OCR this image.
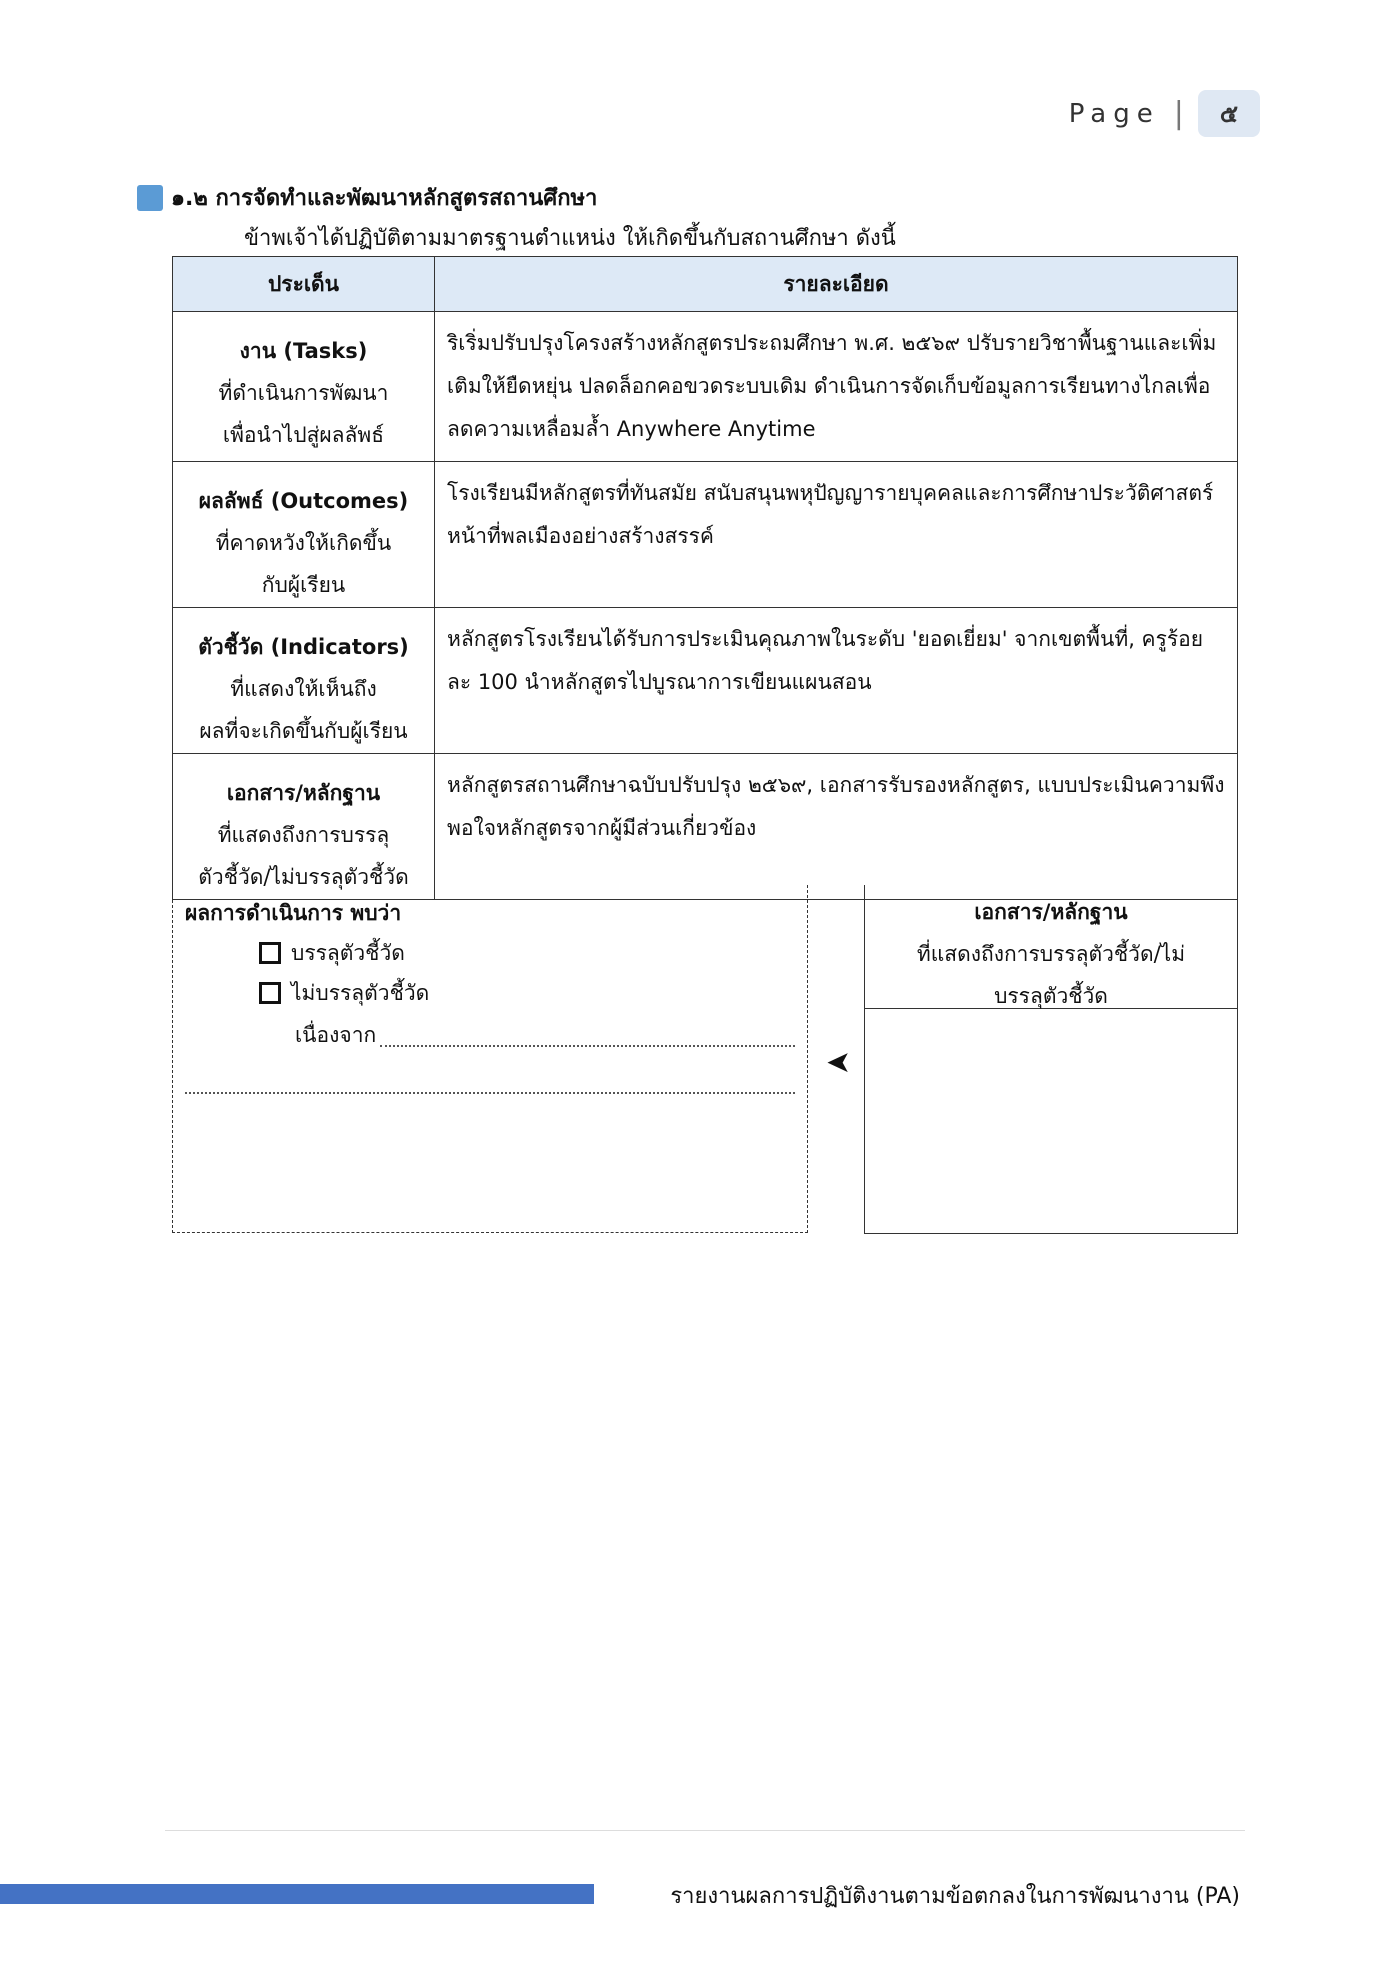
Page |	๕
๑.๒ การจัดทำและพัฒนาหลักสูตรสถานศึกษา
ข้าพเจ้าได้ปฏิบัติตามมาตรฐานตำแหน่ง ให้เกิดขึ้นกับสถานศึกษา ดังนี้
ประเด็น	รายละเอียด

งาน (Tasks)
ที่ดำเนินการพัฒนา
เพื่อนำไปสู่ผลลัพธ์	ริเริ่มปรับปรุงโครงสร้างหลักสูตรประถมศึกษา พ.ศ. ๒๕๖๙ ปรับรายวิชาพื้นฐานและเพิ่มเติมให้ยืดหยุ่น ปลดล็อกคอขวดระบบเดิม ดำเนินการจัดเก็บข้อมูลการเรียนทางไกลเพื่อลดความเหลื่อมล้ำ Anywhere Anytime

ผลลัพธ์ (Outcomes)
ที่คาดหวังให้เกิดขึ้น
กับผู้เรียน	โรงเรียนมีหลักสูตรที่ทันสมัย สนับสนุนพหุปัญญารายบุคคลและการศึกษาประวัติศาสตร์ หน้าที่พลเมืองอย่างสร้างสรรค์

ตัวชี้วัด (Indicators)
ที่แสดงให้เห็นถึง
ผลที่จะเกิดขึ้นกับผู้เรียน	หลักสูตรโรงเรียนได้รับการประเมินคุณภาพในระดับ 'ยอดเยี่ยม' จากเขตพื้นที่, ครูร้อยละ 100 นำหลักสูตรไปบูรณาการเขียนแผนสอน

เอกสาร/หลักฐาน
ที่แสดงถึงการบรรลุ
ตัวชี้วัด/ไม่บรรลุตัวชี้วัด	หลักสูตรสถานศึกษาฉบับปรับปรุง ๒๕๖๙, เอกสารรับรองหลักสูตร, แบบประเมินความพึงพอใจหลักสูตรจากผู้มีส่วนเกี่ยวข้อง
ผลการดำเนินการ พบว่า
บรรลุตัวชี้วัด
ไม่บรรลุตัวชี้วัด
เนื่องจาก
➤
เอกสาร/หลักฐาน
ที่แสดงถึงการบรรลุตัวชี้วัด/ไม่
บรรลุตัวชี้วัด
รายงานผลการปฏิบัติงานตามข้อตกลงในการพัฒนางาน (PA)
